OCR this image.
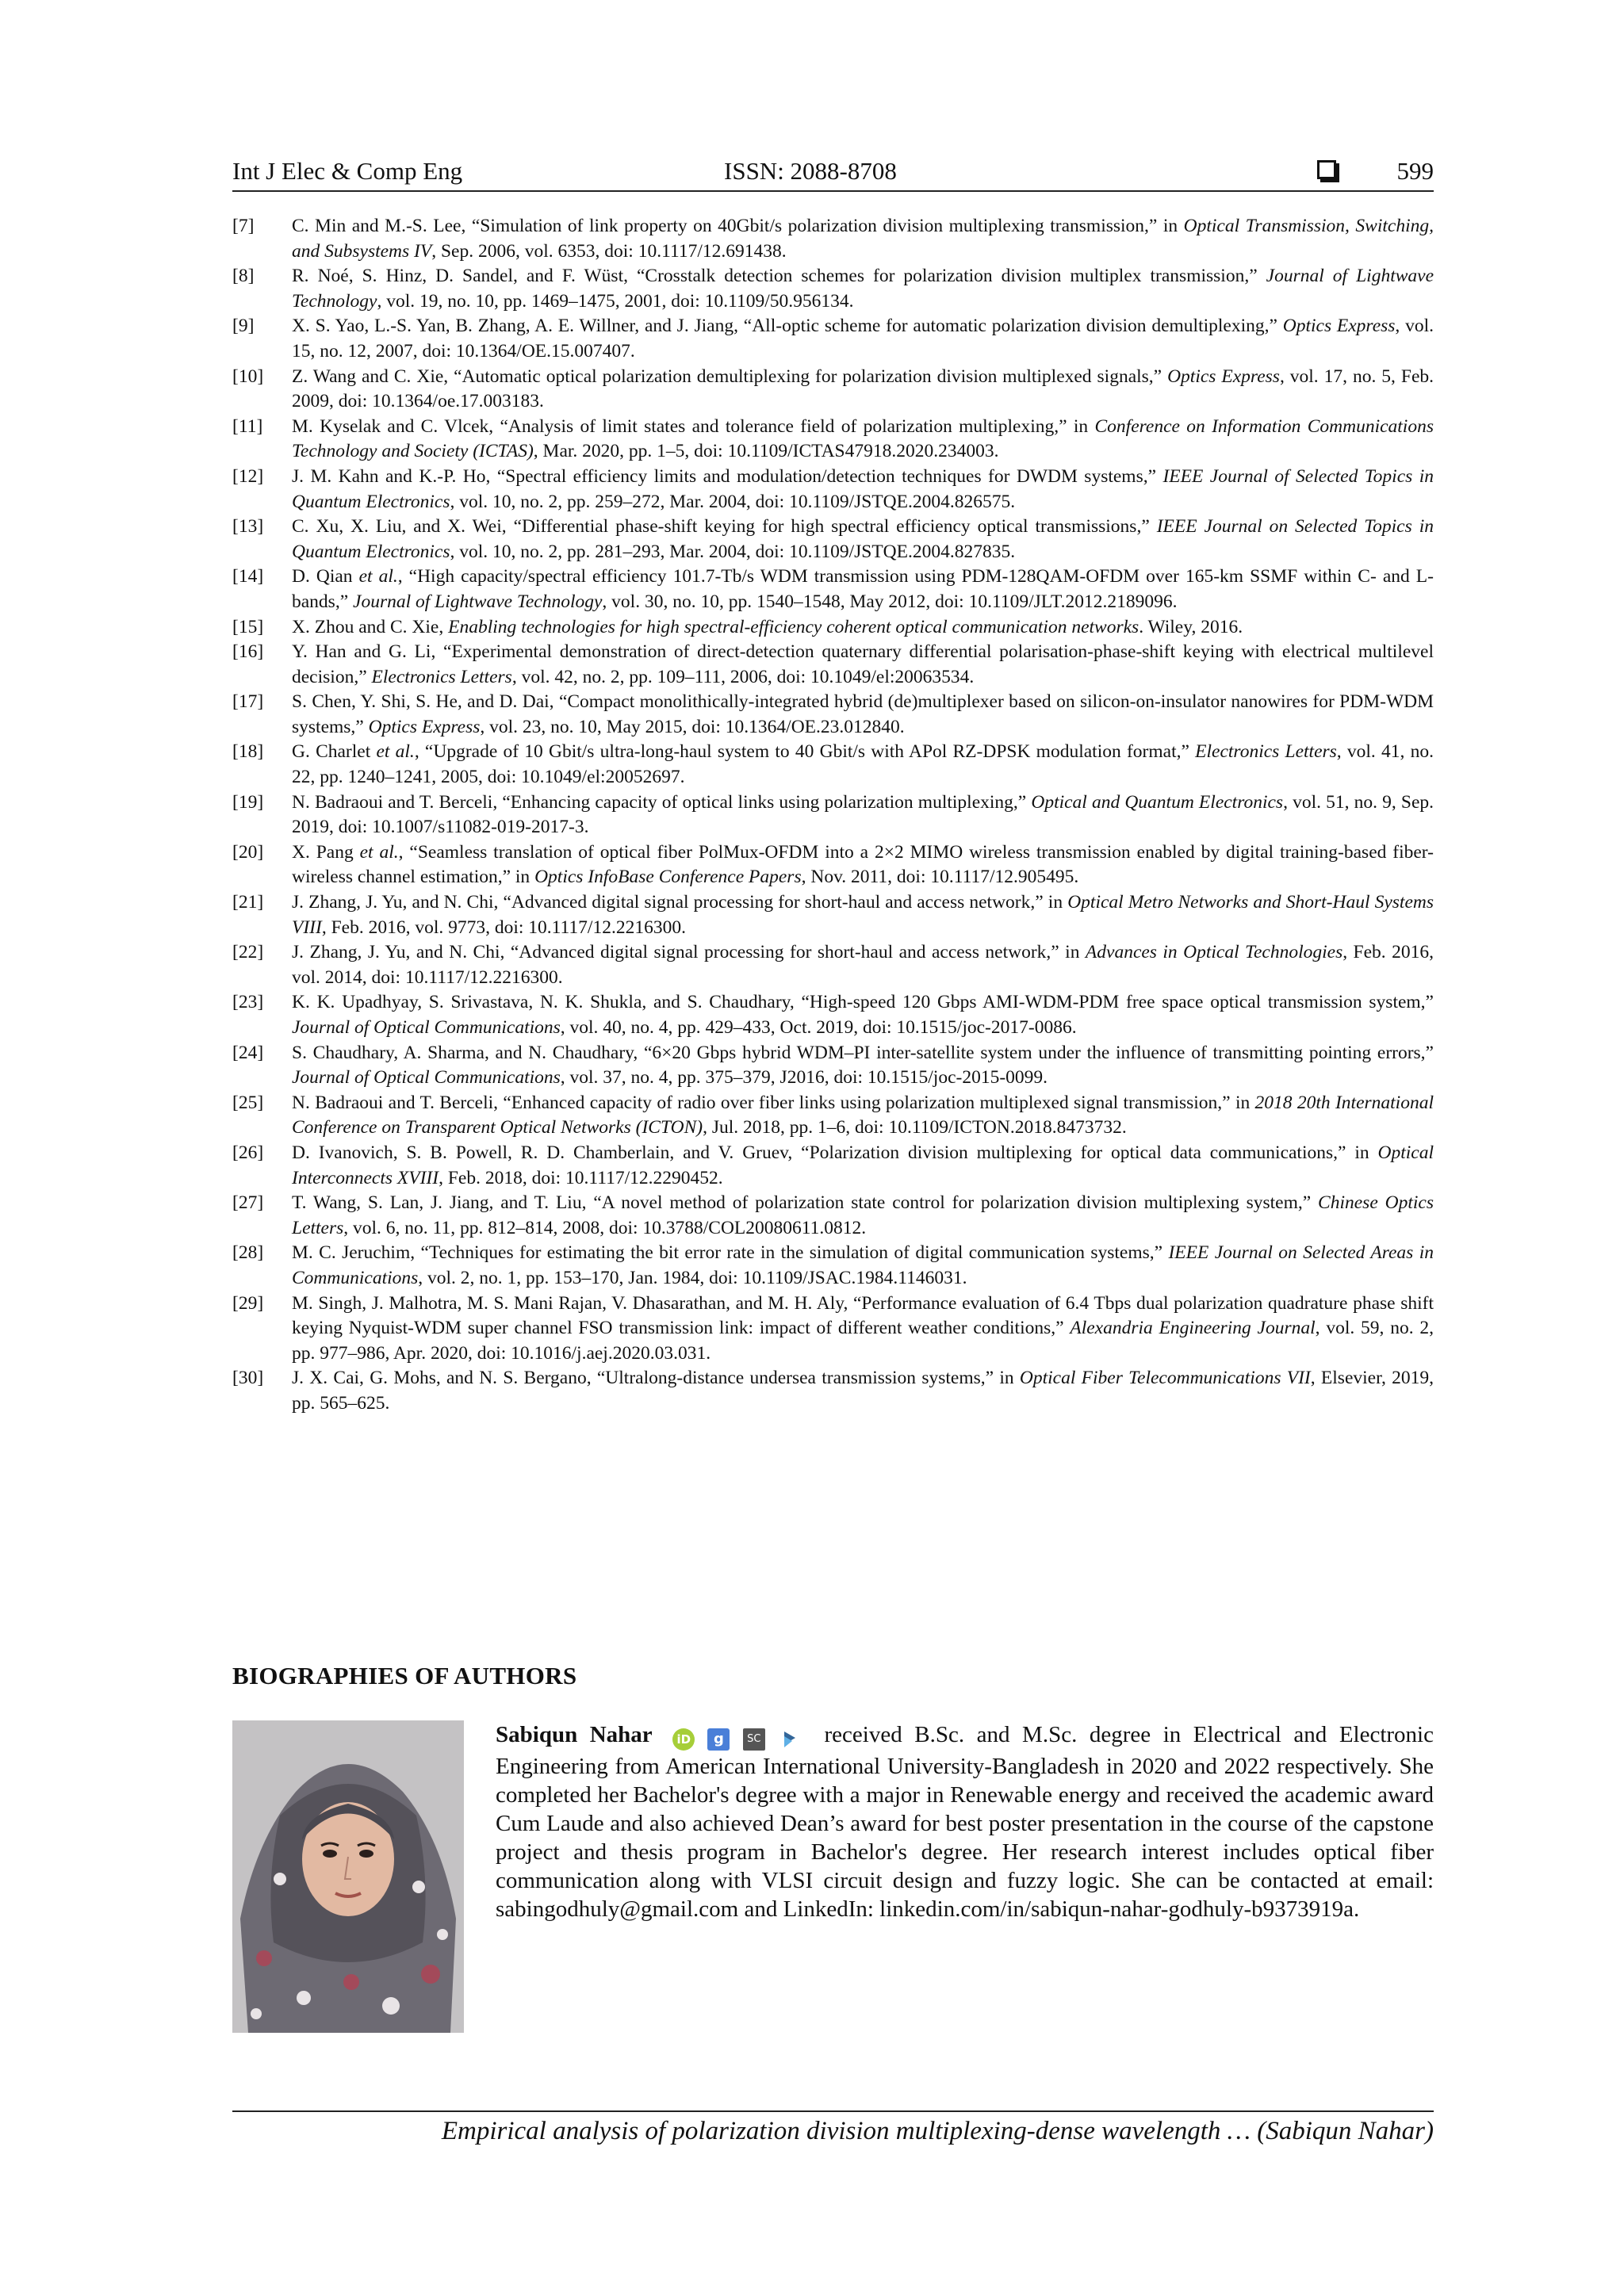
Int J Elec & Comp Eng	ISSN: 2088-8708	599
[7]	C. Min and M.-S. Lee, “Simulation of link property on 40Gbit/s polarization division multiplexing transmission,” in Optical Transmission, Switching, and Subsystems IV, Sep. 2006, vol. 6353, doi: 10.1117/12.691438.
[8]	R. Noé, S. Hinz, D. Sandel, and F. Wüst, “Crosstalk detection schemes for polarization division multiplex transmission,” Journal of Lightwave Technology, vol. 19, no. 10, pp. 1469–1475, 2001, doi: 10.1109/50.956134.
[9]	X. S. Yao, L.-S. Yan, B. Zhang, A. E. Willner, and J. Jiang, “All-optic scheme for automatic polarization division demultiplexing,” Optics Express, vol. 15, no. 12, 2007, doi: 10.1364/OE.15.007407.
[10]	Z. Wang and C. Xie, “Automatic optical polarization demultiplexing for polarization division multiplexed signals,” Optics Express, vol. 17, no. 5, Feb. 2009, doi: 10.1364/oe.17.003183.
[11]	M. Kyselak and C. Vlcek, “Analysis of limit states and tolerance field of polarization multiplexing,” in Conference on Information Communications Technology and Society (ICTAS), Mar. 2020, pp. 1–5, doi: 10.1109/ICTAS47918.2020.234003.
[12]	J. M. Kahn and K.-P. Ho, “Spectral efficiency limits and modulation/detection techniques for DWDM systems,” IEEE Journal of Selected Topics in Quantum Electronics, vol. 10, no. 2, pp. 259–272, Mar. 2004, doi: 10.1109/JSTQE.2004.826575.
[13]	C. Xu, X. Liu, and X. Wei, “Differential phase-shift keying for high spectral efficiency optical transmissions,” IEEE Journal on Selected Topics in Quantum Electronics, vol. 10, no. 2, pp. 281–293, Mar. 2004, doi: 10.1109/JSTQE.2004.827835.
[14]	D. Qian et al., “High capacity/spectral efficiency 101.7-Tb/s WDM transmission using PDM-128QAM-OFDM over 165-km SSMF within C- and L-bands,” Journal of Lightwave Technology, vol. 30, no. 10, pp. 1540–1548, May 2012, doi: 10.1109/JLT.2012.2189096.
[15]	X. Zhou and C. Xie, Enabling technologies for high spectral-efficiency coherent optical communication networks. Wiley, 2016.
[16]	Y. Han and G. Li, “Experimental demonstration of direct-detection quaternary differential polarisation-phase-shift keying with electrical multilevel decision,” Electronics Letters, vol. 42, no. 2, pp. 109–111, 2006, doi: 10.1049/el:20063534.
[17]	S. Chen, Y. Shi, S. He, and D. Dai, “Compact monolithically-integrated hybrid (de)multiplexer based on silicon-on-insulator nanowires for PDM-WDM systems,” Optics Express, vol. 23, no. 10, May 2015, doi: 10.1364/OE.23.012840.
[18]	G. Charlet et al., “Upgrade of 10 Gbit/s ultra-long-haul system to 40 Gbit/s with APol RZ-DPSK modulation format,” Electronics Letters, vol. 41, no. 22, pp. 1240–1241, 2005, doi: 10.1049/el:20052697.
[19]	N. Badraoui and T. Berceli, “Enhancing capacity of optical links using polarization multiplexing,” Optical and Quantum Electronics, vol. 51, no. 9, Sep. 2019, doi: 10.1007/s11082-019-2017-3.
[20]	X. Pang et al., “Seamless translation of optical fiber PolMux-OFDM into a 2×2 MIMO wireless transmission enabled by digital training-based fiber-wireless channel estimation,” in Optics InfoBase Conference Papers, Nov. 2011, doi: 10.1117/12.905495.
[21]	J. Zhang, J. Yu, and N. Chi, “Advanced digital signal processing for short-haul and access network,” in Optical Metro Networks and Short-Haul Systems VIII, Feb. 2016, vol. 9773, doi: 10.1117/12.2216300.
[22]	J. Zhang, J. Yu, and N. Chi, “Advanced digital signal processing for short-haul and access network,” in Advances in Optical Technologies, Feb. 2016, vol. 2014, doi: 10.1117/12.2216300.
[23]	K. K. Upadhyay, S. Srivastava, N. K. Shukla, and S. Chaudhary, “High-speed 120 Gbps AMI-WDM-PDM free space optical transmission system,” Journal of Optical Communications, vol. 40, no. 4, pp. 429–433, Oct. 2019, doi: 10.1515/joc-2017-0086.
[24]	S. Chaudhary, A. Sharma, and N. Chaudhary, “6×20 Gbps hybrid WDM–PI inter-satellite system under the influence of transmitting pointing errors,” Journal of Optical Communications, vol. 37, no. 4, pp. 375–379, J2016, doi: 10.1515/joc-2015-0099.
[25]	N. Badraoui and T. Berceli, “Enhanced capacity of radio over fiber links using polarization multiplexed signal transmission,” in 2018 20th International Conference on Transparent Optical Networks (ICTON), Jul. 2018, pp. 1–6, doi: 10.1109/ICTON.2018.8473732.
[26]	D. Ivanovich, S. B. Powell, R. D. Chamberlain, and V. Gruev, “Polarization division multiplexing for optical data communications,” in Optical Interconnects XVIII, Feb. 2018, doi: 10.1117/12.2290452.
[27]	T. Wang, S. Lan, J. Jiang, and T. Liu, “A novel method of polarization state control for polarization division multiplexing system,” Chinese Optics Letters, vol. 6, no. 11, pp. 812–814, 2008, doi: 10.3788/COL20080611.0812.
[28]	M. C. Jeruchim, “Techniques for estimating the bit error rate in the simulation of digital communication systems,” IEEE Journal on Selected Areas in Communications, vol. 2, no. 1, pp. 153–170, Jan. 1984, doi: 10.1109/JSAC.1984.1146031.
[29]	M. Singh, J. Malhotra, M. S. Mani Rajan, V. Dhasarathan, and M. H. Aly, “Performance evaluation of 6.4 Tbps dual polarization quadrature phase shift keying Nyquist-WDM super channel FSO transmission link: impact of different weather conditions,” Alexandria Engineering Journal, vol. 59, no. 2, pp. 977–986, Apr. 2020, doi: 10.1016/j.aej.2020.03.031.
[30]	J. X. Cai, G. Mohs, and N. S. Bergano, “Ultralong-distance undersea transmission systems,” in Optical Fiber Telecommunications VII, Elsevier, 2019, pp. 565–625.
BIOGRAPHIES OF AUTHORS
Sabiqun Nahar	iD
	g
	SC
received B.Sc. and M.Sc. degree in Electrical and Electronic Engineering from American International University-Bangladesh in 2020 and 2022 respectively. She completed her Bachelor's degree with a major in Renewable energy and received the academic award Cum Laude and also achieved Dean’s award for best poster presentation in the course of the capstone project and thesis program in Bachelor's degree. Her research interest includes optical fiber communication along with VLSI circuit design and fuzzy logic. She can be contacted at email: sabingodhuly@gmail.com and LinkedIn: linkedin.com/in/sabiqun-nahar-godhuly-b9373919a.
Empirical analysis of polarization division multiplexing-dense wavelength … (Sabiqun Nahar)
